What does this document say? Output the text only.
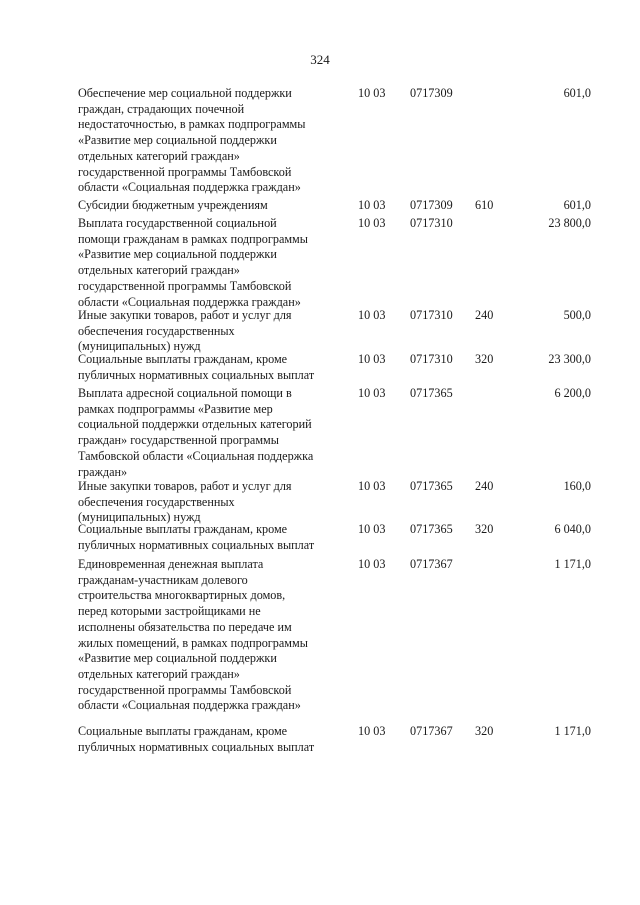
324
Обеспечение мер социальной поддержки
граждан, страдающих почечной
недостаточностью, в рамках подпрограммы
«Развитие мер социальной поддержки
отдельных категорий граждан»
государственной программы Тамбовской
области «Социальная поддержка граждан»
10 03 0717309	601,0
Субсидии бюджетным учреждениям	10 03 0717309 610	601,0
Выплата государственной социальной
помощи гражданам в рамках подпрограммы
«Развитие мер социальной поддержки
отдельных категорий граждан»
государственной программы Тамбовской
области «Социальная поддержка граждан»
10 03 0717310	23 800,0
Иные закупки товаров, работ и услуг для
обеспечения государственных
(муниципальных) нужд
10 03 0717310 240	500,0
Социальные выплаты гражданам, кроме
публичных нормативных социальных выплат
10 03 0717310 320	23 300,0
Выплата адресной социальной помощи в
рамках подпрограммы «Развитие мер
социальной поддержки отдельных категорий
граждан» государственной программы
Тамбовской области «Социальная поддержка
граждан»
10 03 0717365	6 200,0
Иные закупки товаров, работ и услуг для
обеспечения государственных
(муниципальных) нужд
10 03 0717365 240	160,0
Социальные выплаты гражданам, кроме
публичных нормативных социальных выплат
10 03 0717365 320	6 040,0
Единовременная денежная выплата
гражданам-участникам долевого
строительства многоквартирных домов,
перед которыми застройщиками не
исполнены обязательства по передаче им
жилых помещений, в рамках подпрограммы
«Развитие мер социальной поддержки
отдельных категорий граждан»
государственной программы Тамбовской
области «Социальная поддержка граждан»
10 03 0717367	1 171,0
Социальные выплаты гражданам, кроме
публичных нормативных социальных выплат
10 03 0717367 320	1 171,0
